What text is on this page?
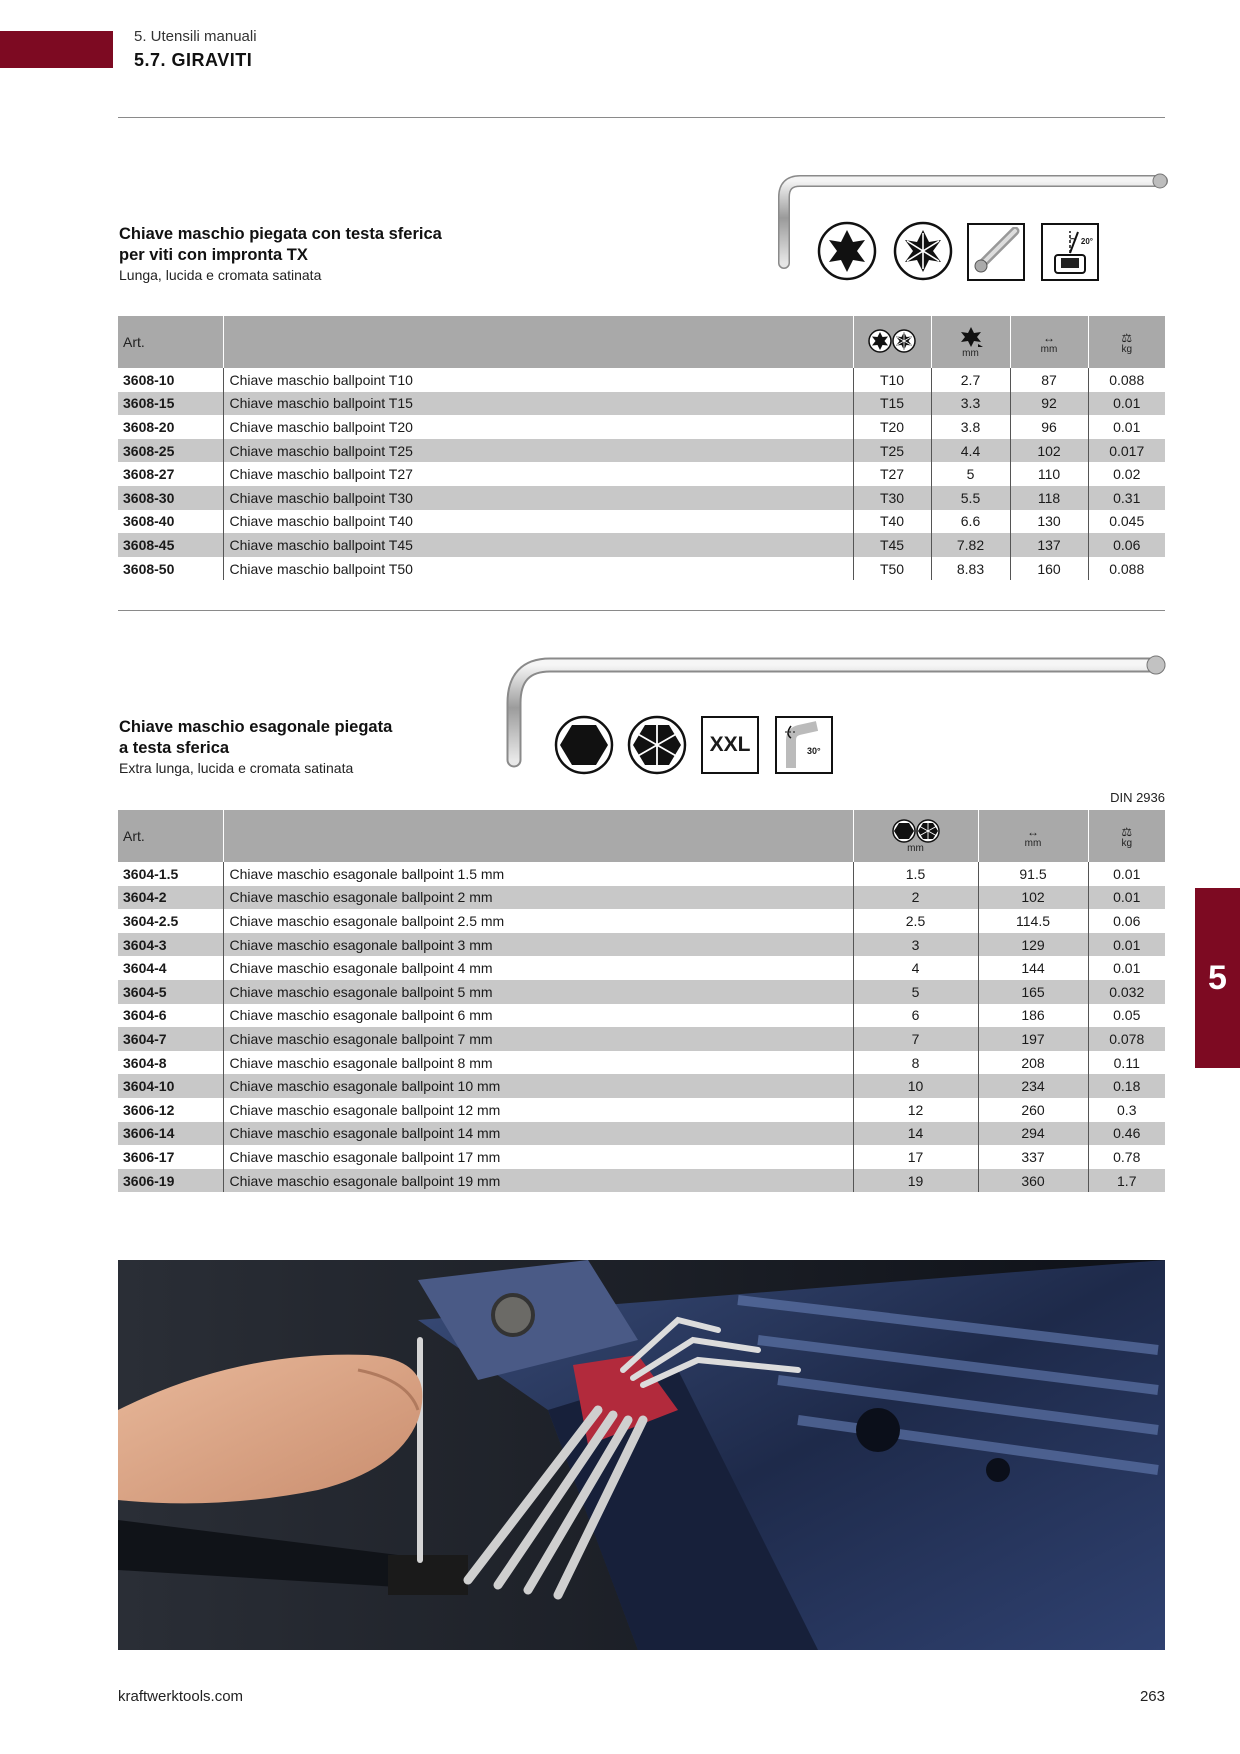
5. Utensili manuali
5.7. GIRAVITI
5
Chiave maschio piegata con testa sferica
per viti con impronta TX
Lunga, lucida e cromata satinata
20°
Art.			mm	↔
mm	⚖
kg

3608-10	Chiave maschio ballpoint T10	T10	2.7	87	0.088
3608-15	Chiave maschio ballpoint T15	T15	3.3	92	0.01
3608-20	Chiave maschio ballpoint T20	T20	3.8	96	0.01
3608-25	Chiave maschio ballpoint T25	T25	4.4	102	0.017
3608-27	Chiave maschio ballpoint T27	T27	5	110	0.02
3608-30	Chiave maschio ballpoint T30	T30	5.5	118	0.31
3608-40	Chiave maschio ballpoint T40	T40	6.6	130	0.045
3608-45	Chiave maschio ballpoint T45	T45	7.82	137	0.06
3608-50	Chiave maschio ballpoint T50	T50	8.83	160	0.088
Chiave maschio esagonale piegata
a testa sferica
Extra lunga, lucida e cromata satinata
XXL	30°
DIN 2936
Art.		mm	↔
mm	⚖
kg

3604-1.5	Chiave maschio esagonale ballpoint 1.5 mm	1.5	91.5	0.01
3604-2	Chiave maschio esagonale ballpoint 2 mm	2	102	0.01
3604-2.5	Chiave maschio esagonale ballpoint 2.5 mm	2.5	114.5	0.06
3604-3	Chiave maschio esagonale ballpoint 3 mm	3	129	0.01
3604-4	Chiave maschio esagonale ballpoint 4 mm	4	144	0.01
3604-5	Chiave maschio esagonale ballpoint 5 mm	5	165	0.032
3604-6	Chiave maschio esagonale ballpoint 6 mm	6	186	0.05
3604-7	Chiave maschio esagonale ballpoint 7 mm	7	197	0.078
3604-8	Chiave maschio esagonale ballpoint 8 mm	8	208	0.11
3604-10	Chiave maschio esagonale ballpoint 10 mm	10	234	0.18
3606-12	Chiave maschio esagonale ballpoint 12 mm	12	260	0.3
3606-14	Chiave maschio esagonale ballpoint 14 mm	14	294	0.46
3606-17	Chiave maschio esagonale ballpoint 17 mm	17	337	0.78
3606-19	Chiave maschio esagonale ballpoint 19 mm	19	360	1.7
kraftwerktools.com	263
